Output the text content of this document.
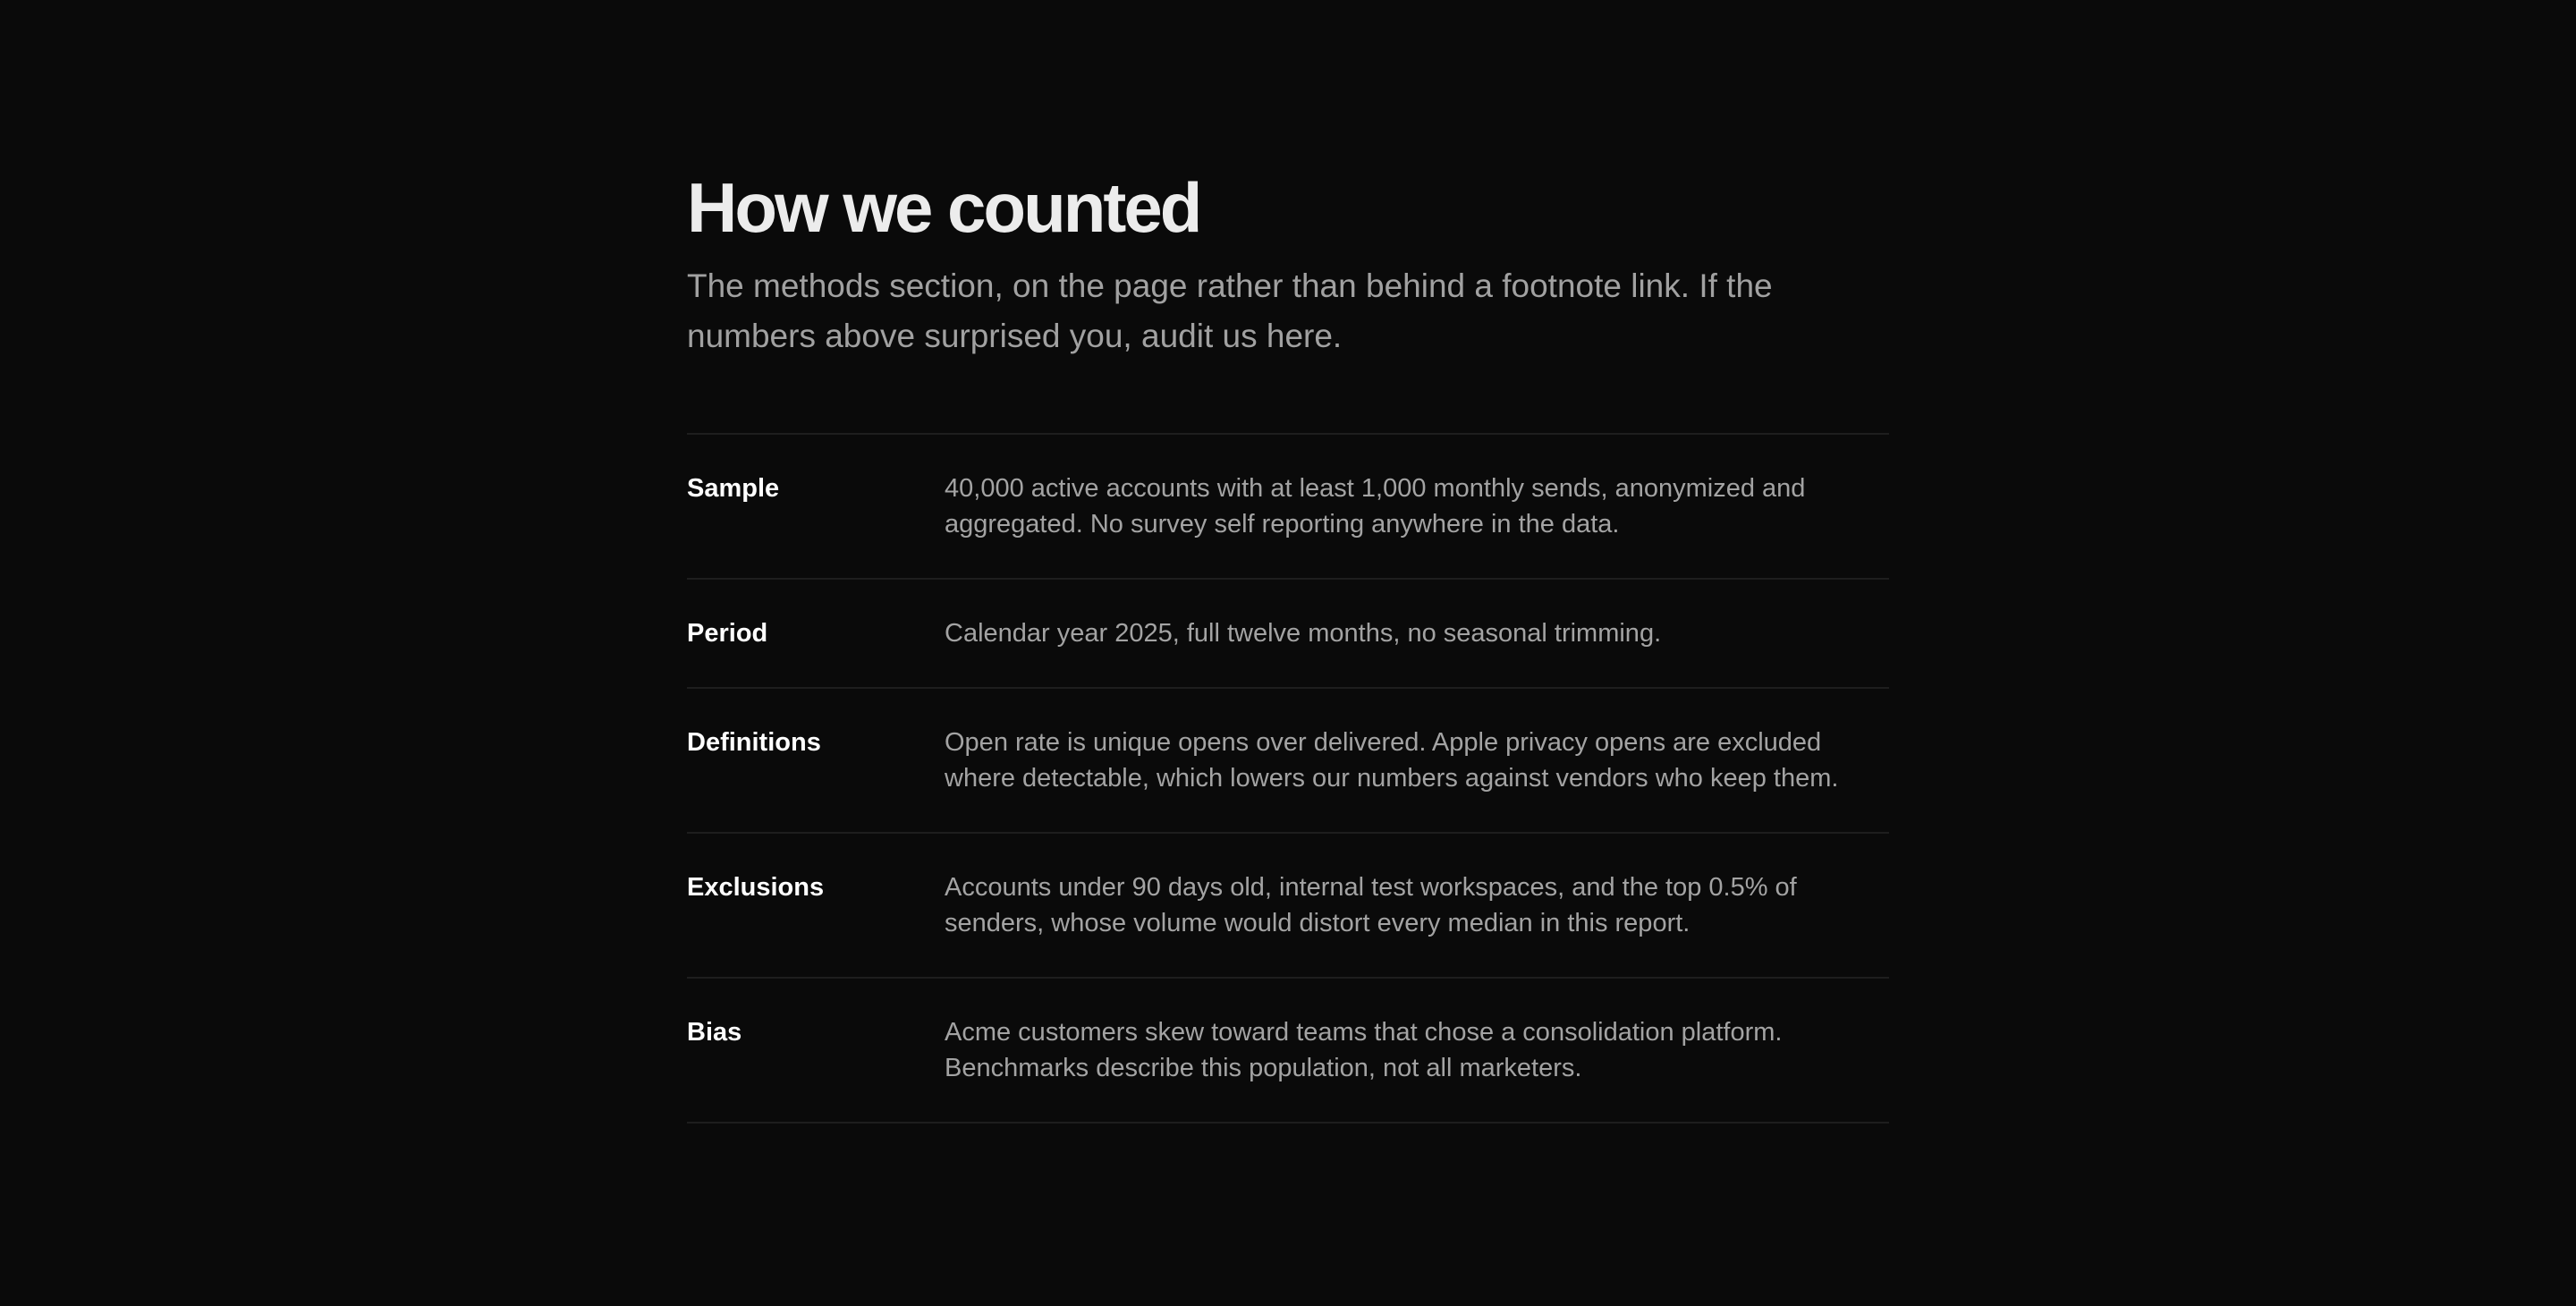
How we counted

The methods section, on the page rather than behind a footnote link. If the numbers above surprised you, audit us here.

Sample	40,000 active accounts with at least 1,000 monthly sends, anonymized and aggregated. No survey self reporting anywhere in the data.
Period	Calendar year 2025, full twelve months, no seasonal trimming.
Definitions	Open rate is unique opens over delivered. Apple privacy opens are excluded where detectable, which lowers our numbers against vendors who keep them.
Exclusions	Accounts under 90 days old, internal test workspaces, and the top 0.5% of senders, whose volume would distort every median in this report.
Bias	Acme customers skew toward teams that chose a consolidation platform. Benchmarks describe this population, not all marketers.
